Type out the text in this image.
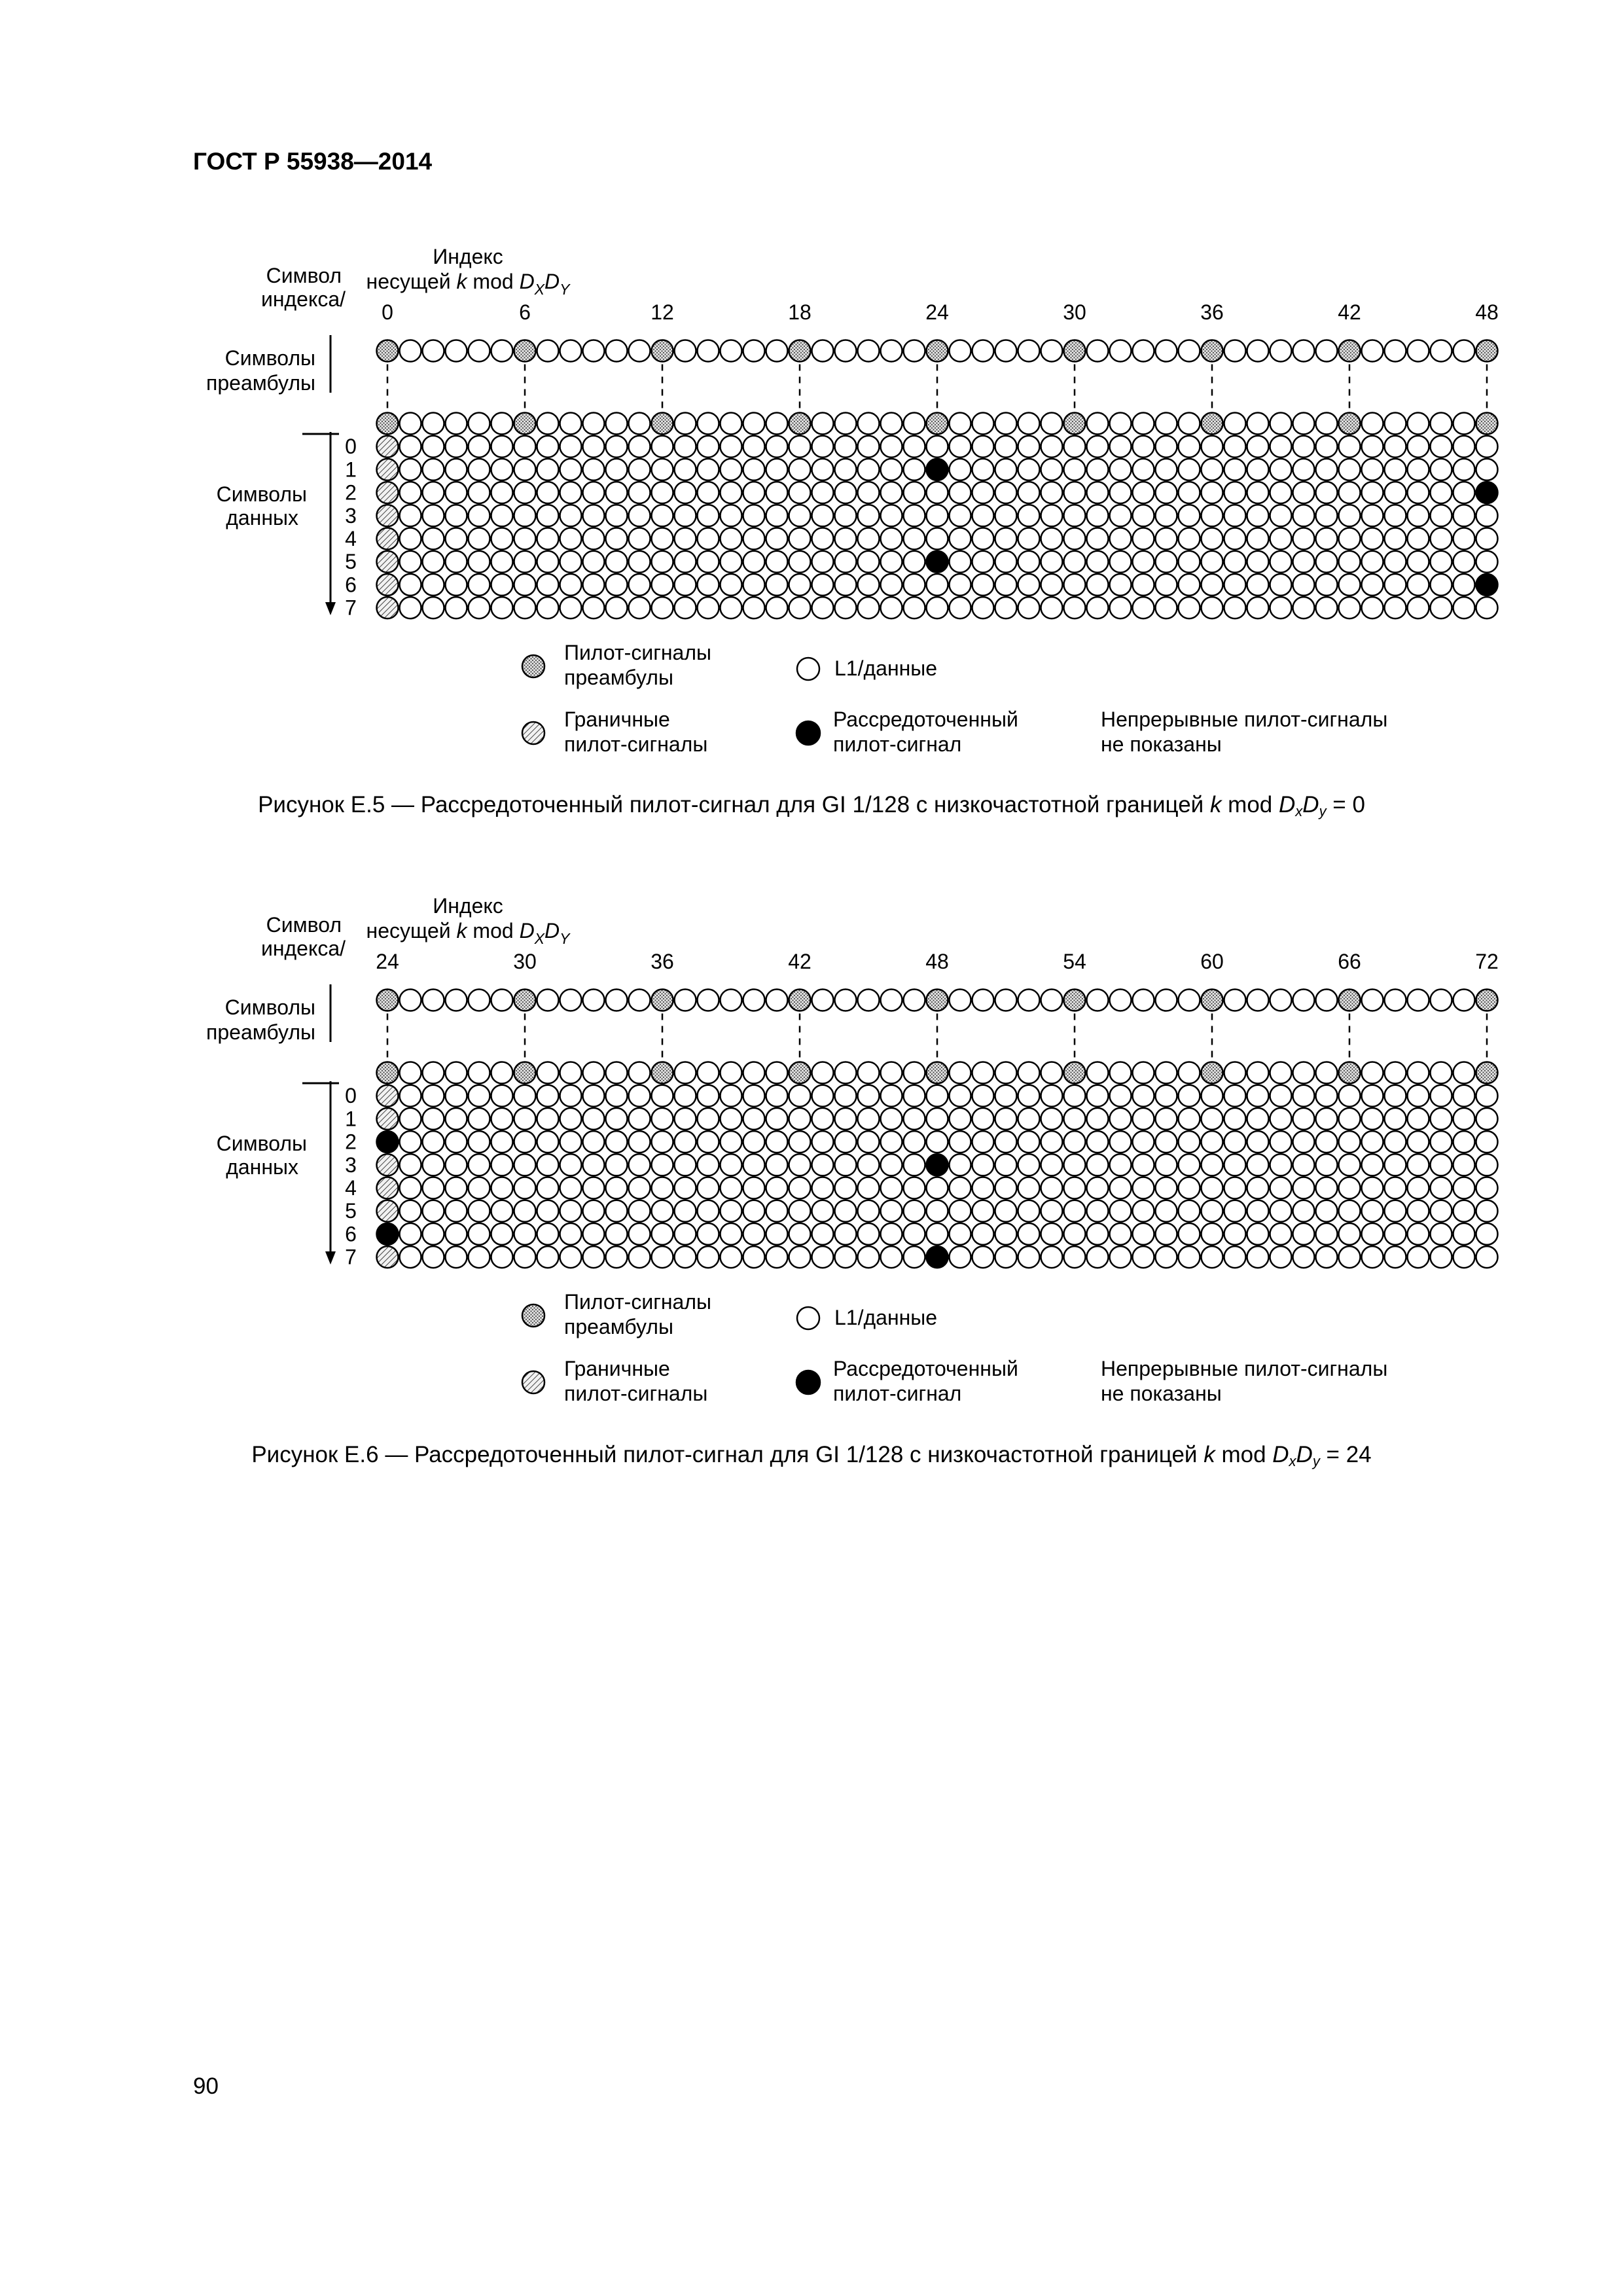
ГОСТ Р 55938—2014
Индекс
несущей k mod $D_XD_Y$
Символ
индекса/
0	6	12	18	24	30	36	42	48
Символы
преамбулы
Символы
данных
0
1
2
3
4
5
6
7
Пилот-сигналы
преамбулы	L1/данные
Граничные
пилот-сигналы
Рассредоточенный
пилот-сигнал
Непрерывные пилот-сигналы
не показаны
Рисунок Е.5 — Рассредоточенный пилот-сигнал для GI 1/128 с низкочастотной границей k mod $D_xD_y = 0$
Индекс
несущей k mod $D_XD_Y$
Символ
индекса/
24	30	36	42	48	54	60	66	72
Символы
преамбулы
Символы
данных
0
1
2
3
4
5
6
7
Пилот-сигналы
преамбулы	L1/данные
Граничные
пилот-сигналы
Рассредоточенный
пилот-сигнал
Непрерывные пилот-сигналы
не показаны
Рисунок Е.6 — Рассредоточенный пилот-сигнал для GI 1/128 с низкочастотной границей k mod $D_xD_y = 24$
90
